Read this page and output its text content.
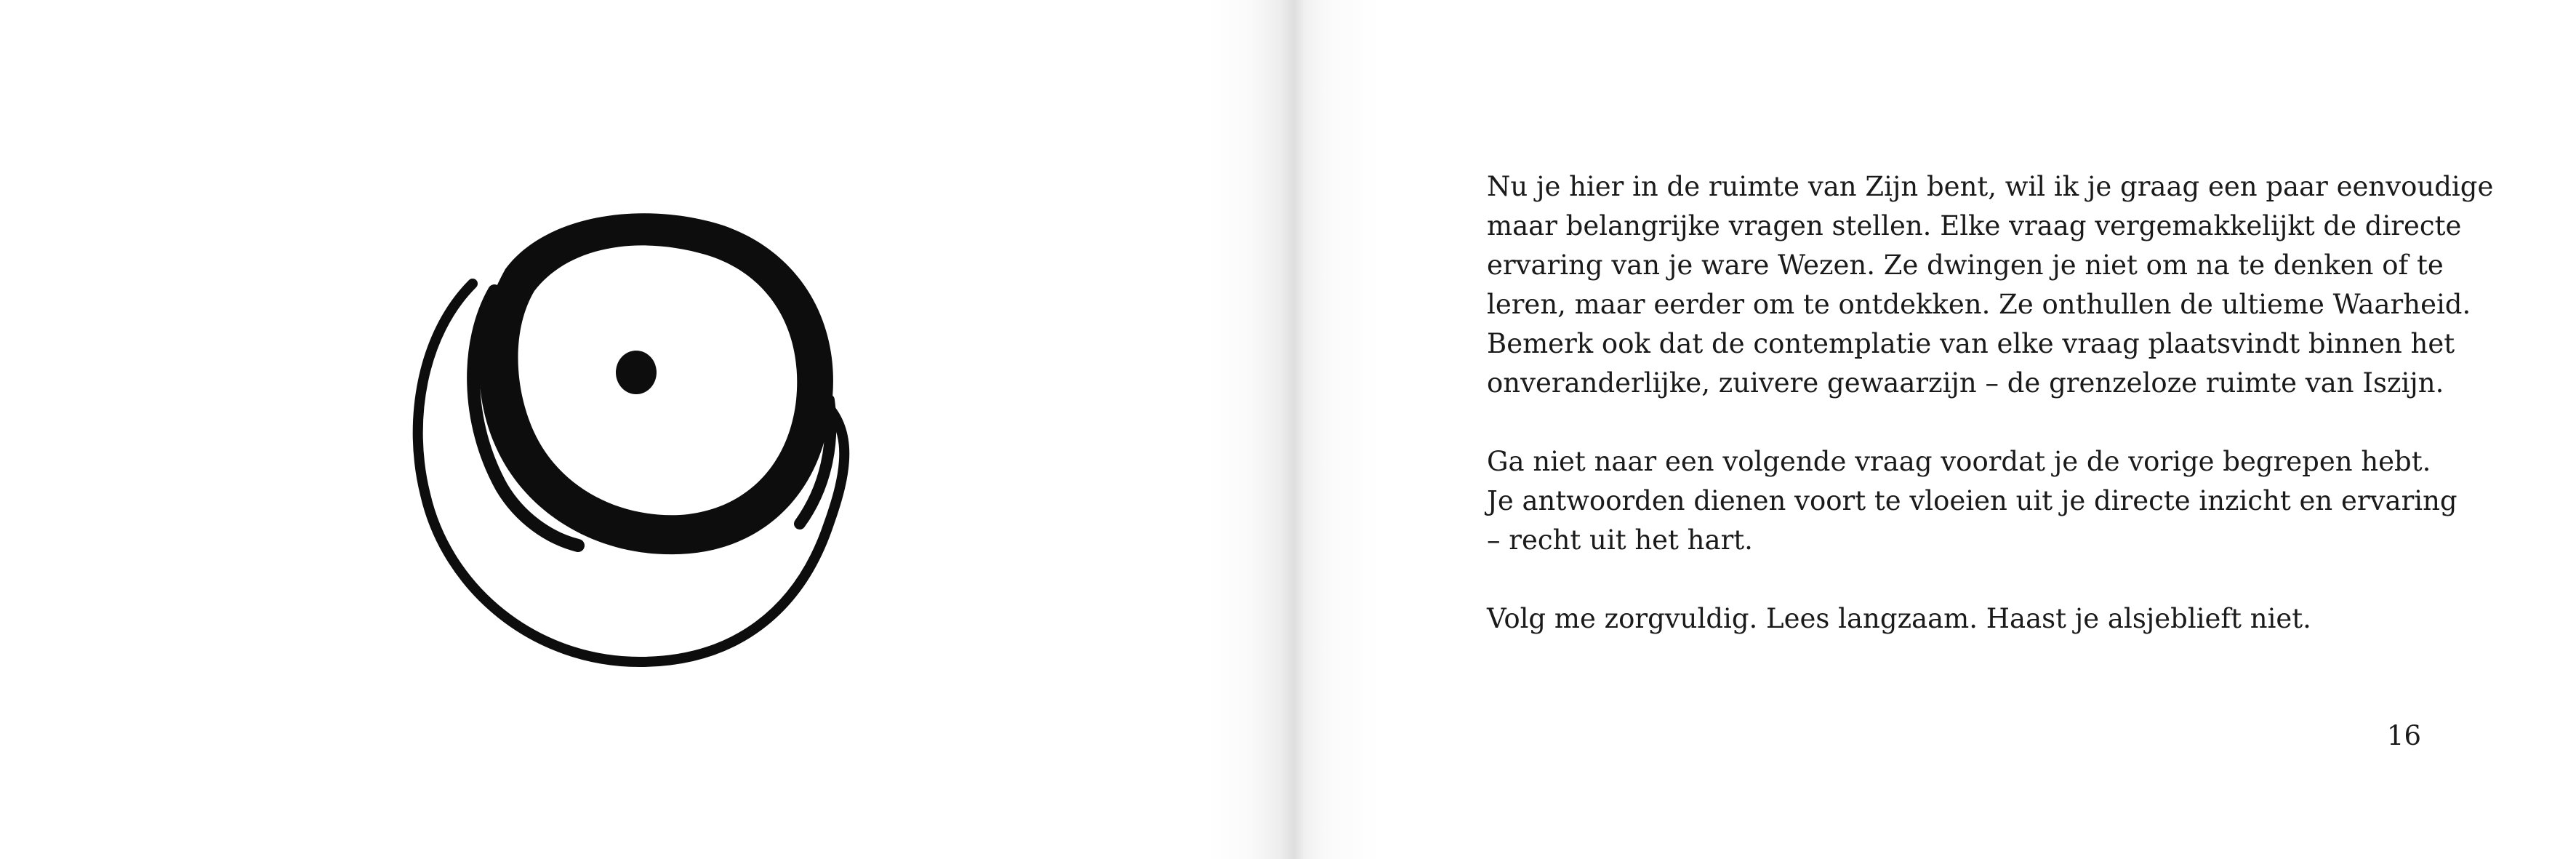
Nu je hier in de ruimte van Zijn bent, wil ik je graag een paar eenvoudige
maar belangrijke vragen stellen. Elke vraag vergemakkelijkt de directe
ervaring van je ware Wezen. Ze dwingen je niet om na te denken of te
leren, maar eerder om te ontdekken. Ze onthullen de ultieme Waarheid.
Bemerk ook dat de contemplatie van elke vraag plaatsvindt binnen het
onveranderlijke, zuivere gewaarzijn – de grenzeloze ruimte van Iszijn.

Ga niet naar een volgende vraag voordat je de vorige begrepen hebt.
Je antwoorden dienen voort te vloeien uit je directe inzicht en ervaring
– recht uit het hart.

Volg me zorgvuldig. Lees langzaam. Haast je alsjeblieft niet.

16
